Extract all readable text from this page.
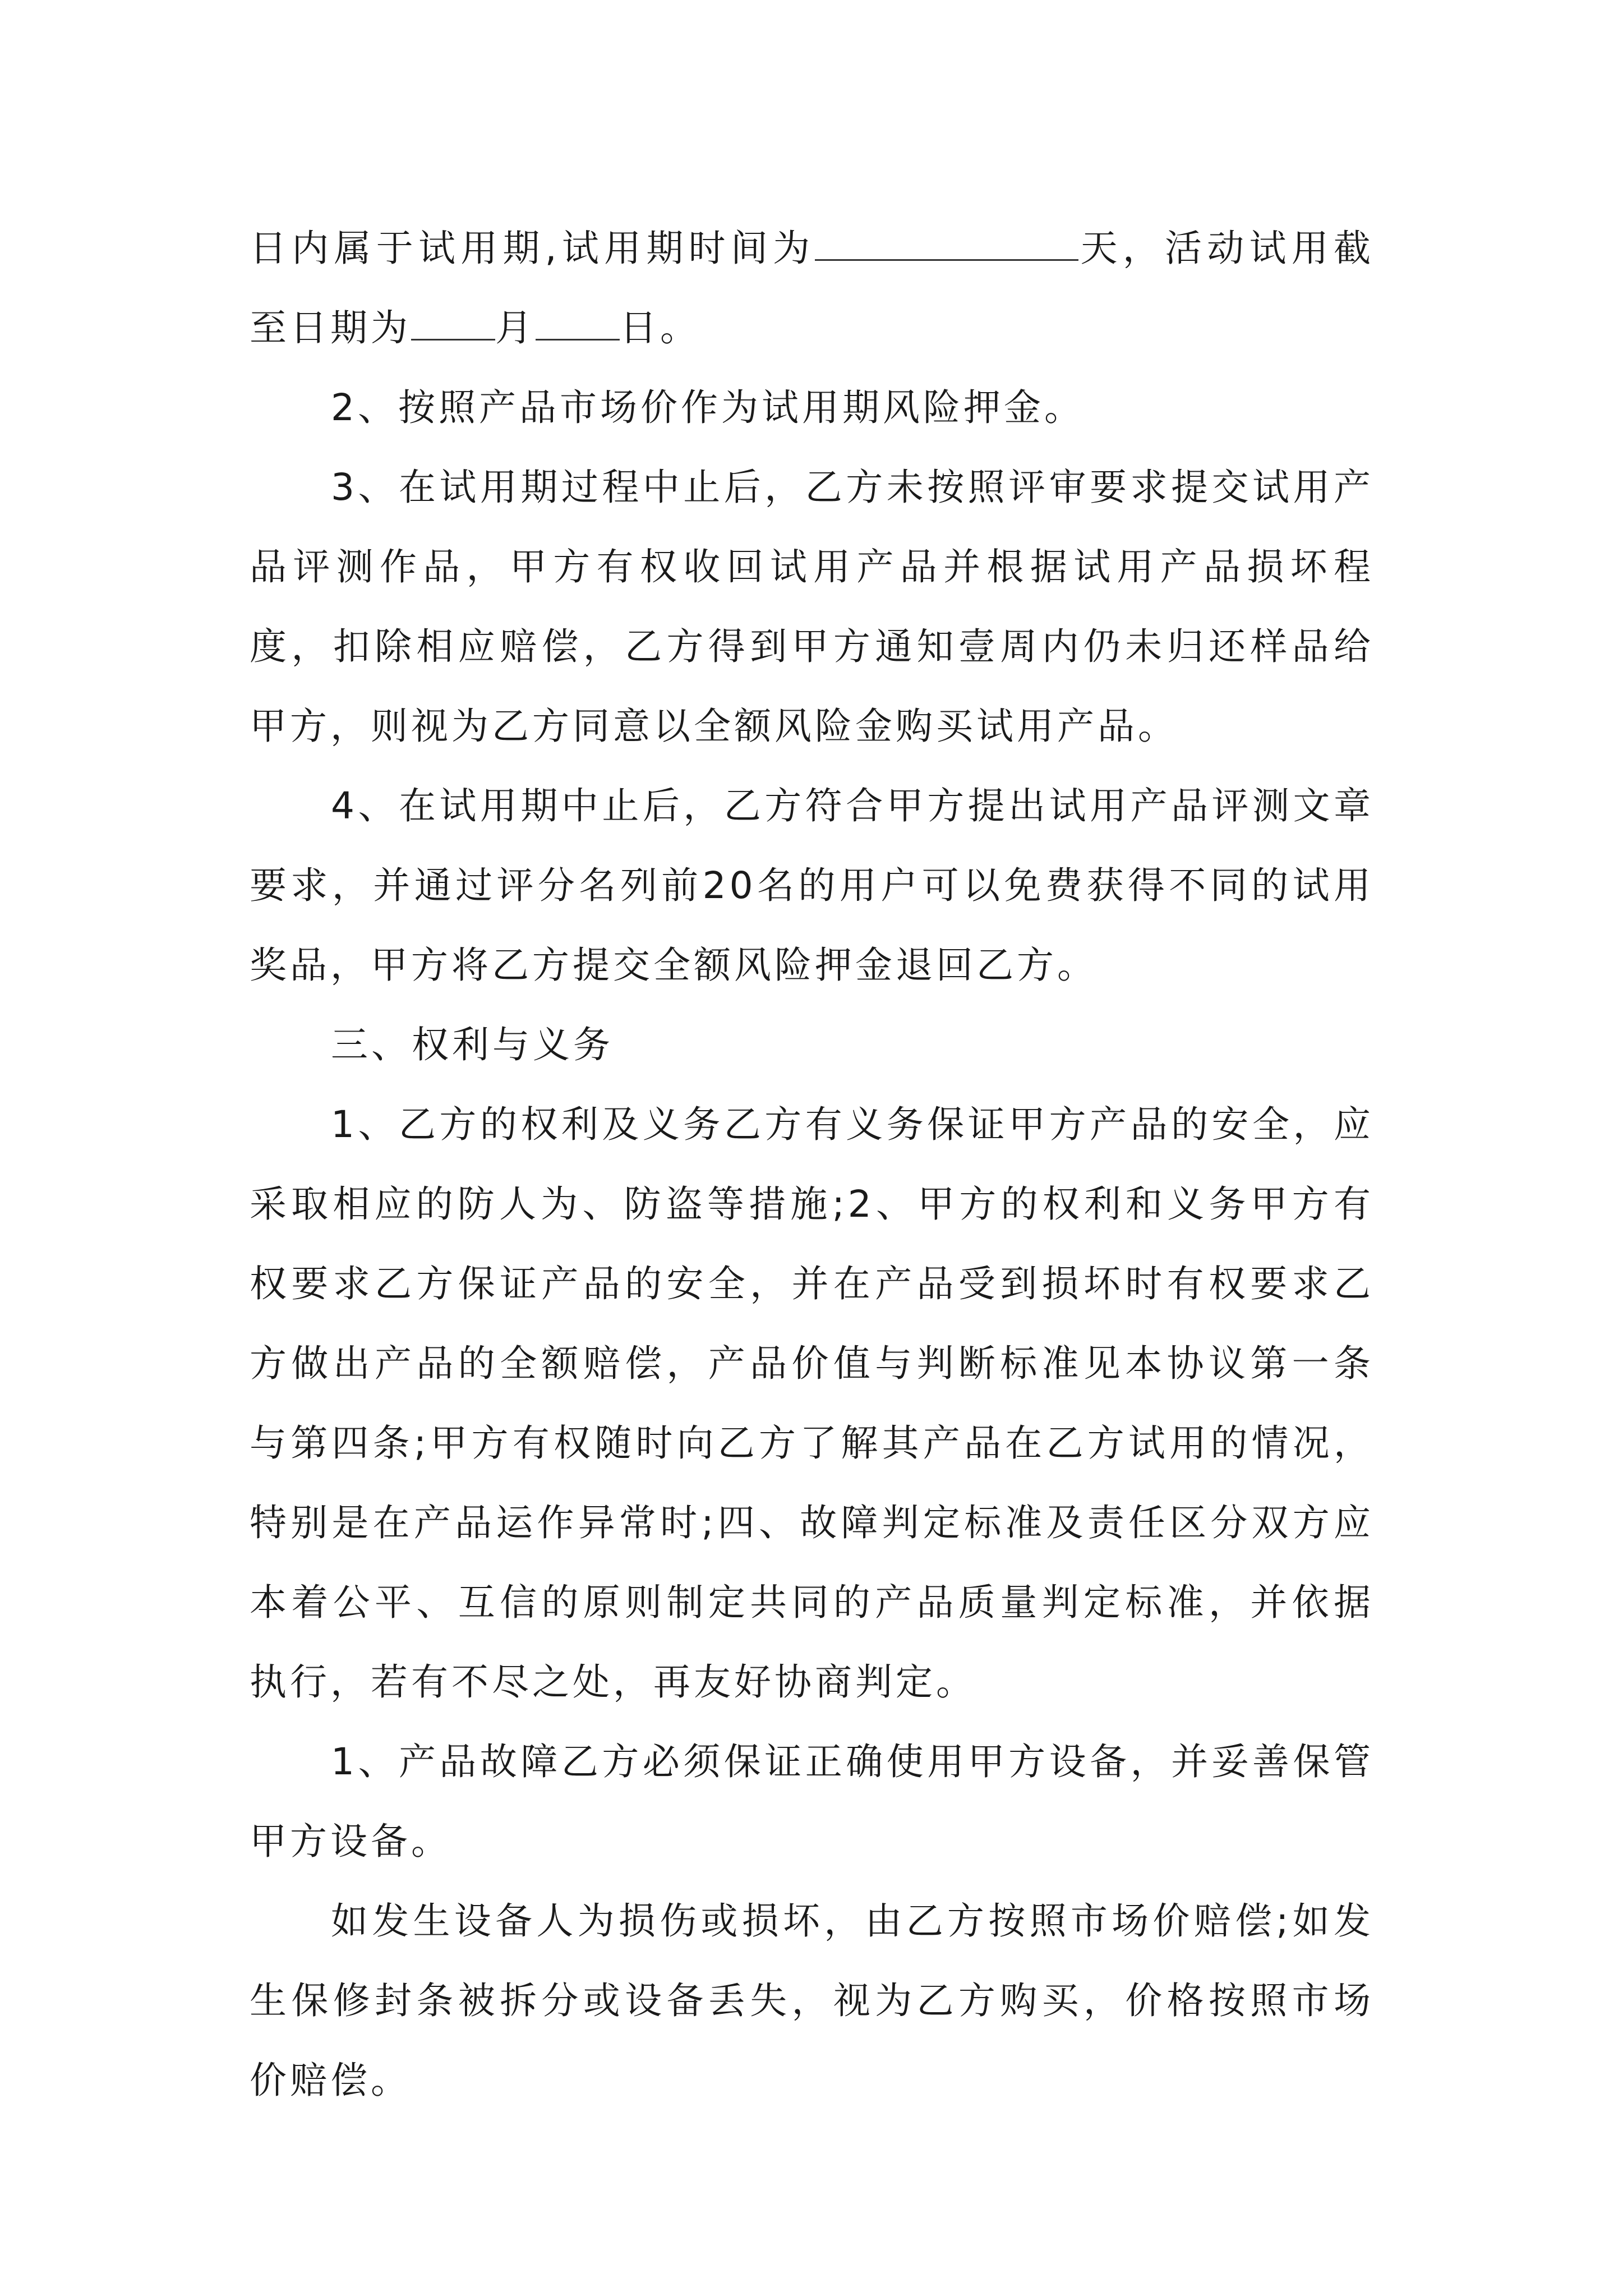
日内属于试用期,试用期时间为	天，活动试用截至日期为 月 日。

2、按照产品市场价作为试用期风险押金。

3、在试用期过程中止后，乙方未按照评审要求提交试用产品评测作品，甲方有权收回试用产品并根据试用产品损坏程度，扣除相应赔偿，乙方得到甲方通知壹周内仍未归还样品给甲方，则视为乙方同意以全额风险金购买试用产品。

4、在试用期中止后，乙方符合甲方提出试用产品评测文章要求，并通过评分名列前20名的用户可以免费获得不同的试用奖品，甲方将乙方提交全额风险押金退回乙方。

三、权利与义务

1、乙方的权利及义务乙方有义务保证甲方产品的安全，应采取相应的防人为、防盗等措施;2、甲方的权利和义务甲方有权要求乙方保证产品的安全，并在产品受到损坏时有权要求乙方做出产品的全额赔偿，产品价值与判断标准见本协议第一条与第四条;甲方有权随时向乙方了解其产品在乙方试用的情况，特别是在产品运作异常时;四、故障判定标准及责任区分双方应本着公平、互信的原则制定共同的产品质量判定标准，并依据执行，若有不尽之处，再友好协商判定。

1、产品故障乙方必须保证正确使用甲方设备，并妥善保管甲方设备。

如发生设备人为损伤或损坏，由乙方按照市场价赔偿;如发生保修封条被拆分或设备丢失，视为乙方购买，价格按照市场价赔偿。
